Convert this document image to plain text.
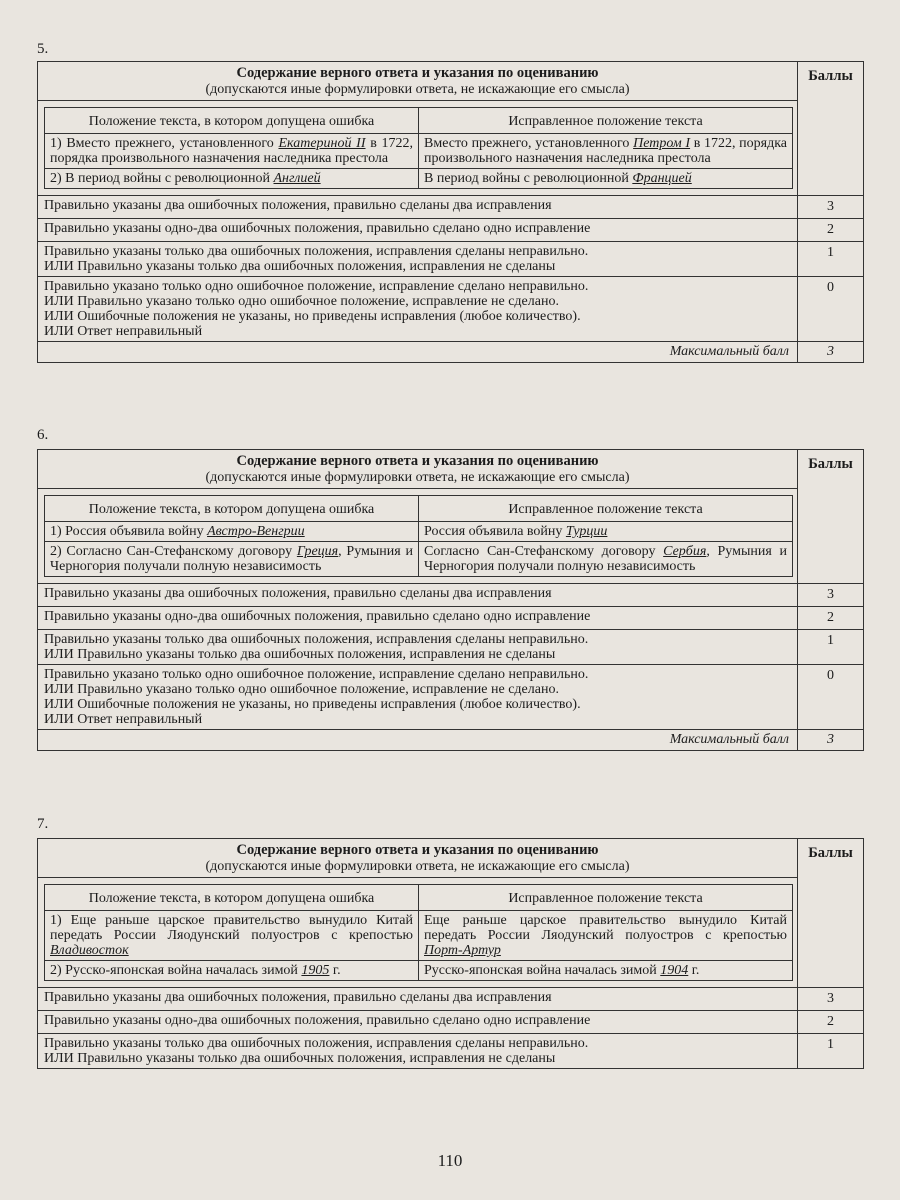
5.
Содержание верного ответа и указания по оцениванию
(допускаются иные формулировки ответа, не искажающие его смысла)	Баллы

Положение текста, в котором допущена ошибка	Исправленное положение текста
1) Вместо прежнего, установленного Екатериной II в 1722, порядка произвольного назначения наследника престола	Вместо прежнего, установленного Петром I в 1722, порядка произвольного назначения наследника престола
2) В период войны с революционной Англией	В период войны с революционной Францией

Правильно указаны два ошибочных положения, правильно сделаны два исправления	3
Правильно указаны одно-два ошибочных положения, правильно сделано одно исправление	2
Правильно указаны только два ошибочных положения, исправления сделаны неправильно.
ИЛИ Правильно указаны только два ошибочных положения, исправления не сделаны	1
Правильно указано только одно ошибочное положение, исправление сделано неправильно.
ИЛИ Правильно указано только одно ошибочное положение, исправление не сделано.
ИЛИ Ошибочные положения не указаны, но приведены исправления (любое количество).
ИЛИ Ответ неправильный	0
Максимальный балл	3
6.
Содержание верного ответа и указания по оцениванию
(допускаются иные формулировки ответа, не искажающие его смысла)	Баллы

Положение текста, в котором допущена ошибка	Исправленное положение текста
1) Россия объявила войну Австро-Венгрии	Россия объявила войну Турции
2) Согласно Сан-Стефанскому договору Греция, Румыния и Черногория получали полную независимость	Согласно Сан-Стефанскому договору Сербия, Румыния и Черногория получали полную независимость

Правильно указаны два ошибочных положения, правильно сделаны два исправления	3
Правильно указаны одно-два ошибочных положения, правильно сделано одно исправление	2
Правильно указаны только два ошибочных положения, исправления сделаны неправильно.
ИЛИ Правильно указаны только два ошибочных положения, исправления не сделаны	1
Правильно указано только одно ошибочное положение, исправление сделано неправильно.
ИЛИ Правильно указано только одно ошибочное положение, исправление не сделано.
ИЛИ Ошибочные положения не указаны, но приведены исправления (любое количество).
ИЛИ Ответ неправильный	0
Максимальный балл	3
7.
Содержание верного ответа и указания по оцениванию
(допускаются иные формулировки ответа, не искажающие его смысла)	Баллы

Положение текста, в котором допущена ошибка	Исправленное положение текста
1) Еще раньше царское правительство вынудило Китай передать России Ляодунский полуостров с крепостью Владивосток	Еще раньше царское правительство вынудило Китай передать России Ляодунский полуостров с крепостью Порт-Артур
2) Русско-японская война началась зимой 1905 г.	Русско-японская война началась зимой 1904 г.

Правильно указаны два ошибочных положения, правильно сделаны два исправления	3
Правильно указаны одно-два ошибочных положения, правильно сделано одно исправление	2
Правильно указаны только два ошибочных положения, исправления сделаны неправильно.
ИЛИ Правильно указаны только два ошибочных положения, исправления не сделаны	1
110
